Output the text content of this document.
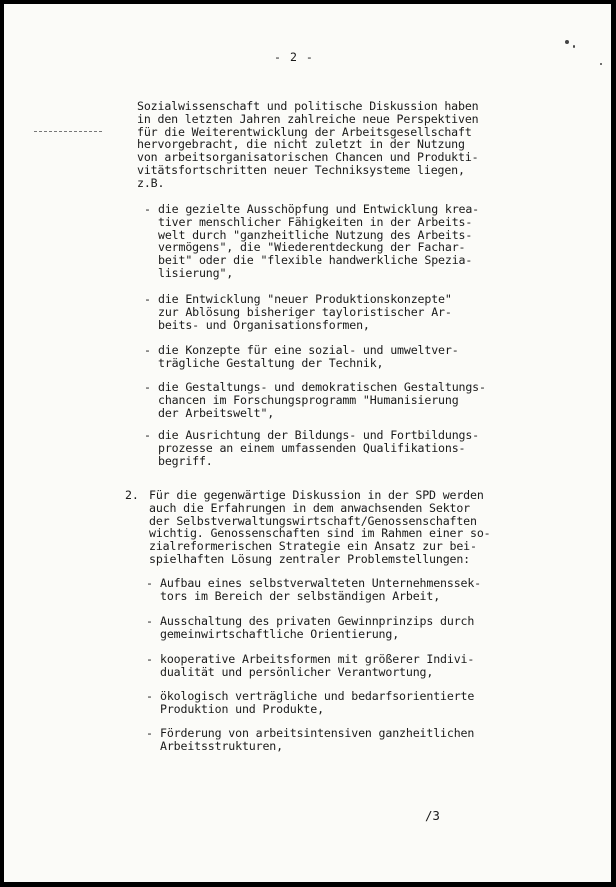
- 2 -

Sozialwissenschaft und politische Diskussion haben
in den letzten Jahren zahlreiche neue Perspektiven
für die Weiterentwicklung der Arbeitsgesellschaft
hervorgebracht, die nicht zuletzt in der Nutzung
von arbeitsorganisatorischen Chancen und Produkti-
vitätsfortschritten neuer Techniksysteme liegen,
z.B.

- die gezielte Ausschöpfung und Entwicklung krea-
tiver menschlicher Fähigkeiten in der Arbeits-
welt durch "ganzheitliche Nutzung des Arbeits-
vermögens", die "Wiederentdeckung der Fachar-
beit" oder die "flexible handwerkliche Spezia-
lisierung",
- die Entwicklung "neuer Produktionskonzepte"
zur Ablösung bisheriger tayloristischer Ar-
beits- und Organisationsformen,
- die Konzepte für eine sozial- und umweltver-
trägliche Gestaltung der Technik,
- die Gestaltungs- und demokratischen Gestaltungs-
chancen im Forschungsprogramm "Humanisierung
der Arbeitswelt",
- die Ausrichtung der Bildungs- und Fortbildungs-
prozesse an einem umfassenden Qualifikations-
begriff.
2. Für die gegenwärtige Diskussion in der SPD werden
auch die Erfahrungen in dem anwachsenden Sektor
der Selbstverwaltungswirtschaft/Genossenschaften
wichtig. Genossenschaften sind im Rahmen einer so-
zialreformerischen Strategie ein Ansatz zur bei-
spielhaften Lösung zentraler Problemstellungen:
- Aufbau eines selbstverwalteten Unternehmenssek-
tors im Bereich der selbständigen Arbeit,
- Ausschaltung des privaten Gewinnprinzips durch
gemeinwirtschaftliche Orientierung,
- kooperative Arbeitsformen mit größerer Indivi-
dualität und persönlicher Verantwortung,
- ökologisch verträgliche und bedarfsorientierte
Produktion und Produkte,
- Förderung von arbeitsintensiven ganzheitlichen
Arbeitsstrukturen,

/3
